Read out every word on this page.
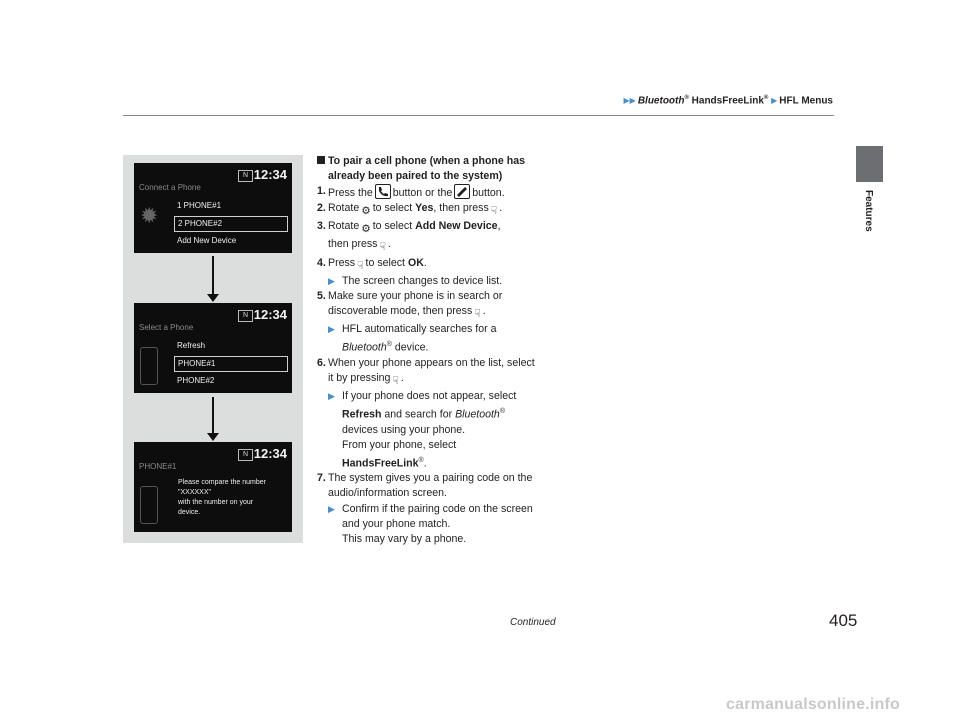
▶▶ Bluetooth® HandsFreeLink® ▶ HFL Menus
Features
N 12:34
Connect a Phone
✹	1 PHONE#1
2 PHONE#2
Add New Device
N 12:34
Select a Phone
Refresh
PHONE#1
PHONE#2
N 12:34
PHONE#1
Please compare the number
"XXXXXX"
with the number on your
device.
To pair a cell phone (when a phone has
already been paired to the system)
1. Press the button or the button.
2. Rotate ⚙ to select Yes, then press ☟ .
3. Rotate ⚙ to select Add New Device,
then press ☟ .
4. Press ☟ to select OK.
▶ The screen changes to device list.
5. Make sure your phone is in search or
discoverable mode, then press ☟ .
▶ HFL automatically searches for a
Bluetooth® device.
6. When your phone appears on the list, select
it by pressing ☟ .
▶ If your phone does not appear, select
Refresh and search for Bluetooth®
devices using your phone.
From your phone, select
HandsFreeLink®.
7. The system gives you a pairing code on the
audio/information screen.
▶ Confirm if the pairing code on the screen
and your phone match.
This may vary by a phone.
Continued	405
carmanualsonline.info
